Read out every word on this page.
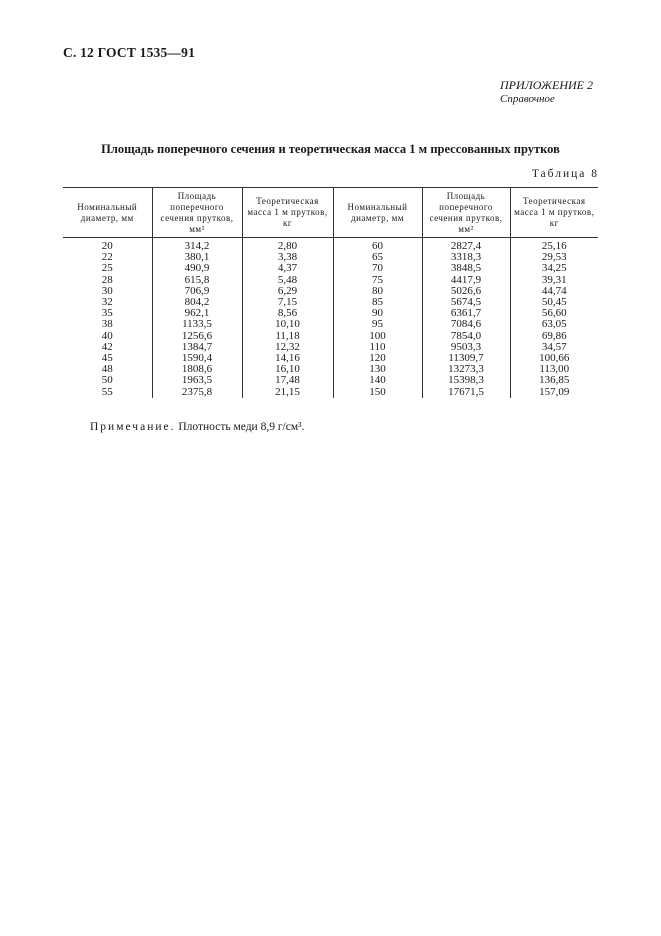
С. 12 ГОСТ 1535—91
ПРИЛОЖЕНИЕ 2
Справочное
Площадь поперечного сечения и теоретическая масса 1 м прессованных прутков
Таблица 8
Номинальный диаметр, мм	Площадь поперечного сечения прутков, мм²	Теоретическая масса 1 м прутков, кг	Номинальный диаметр, мм	Площадь поперечного сечения прутков, мм²	Теоретическая масса 1 м прутков, кг
20	314,2	2,80	60	2827,4	25,16
22	380,1	3,38	65	3318,3	29,53
25	490,9	4,37	70	3848,5	34,25
28	615,8	5,48	75	4417,9	39,31
30	706,9	6,29	80	5026,6	44,74
32	804,2	7,15	85	5674,5	50,45
35	962,1	8,56	90	6361,7	56,60
38	1133,5	10,10	95	7084,6	63,05
40	1256,6	11,18	100	7854,0	69,86
42	1384,7	12,32	110	9503,3	34,57
45	1590,4	14,16	120	11309,7	100,66
48	1808,6	16,10	130	13273,3	113,00
50	1963,5	17,48	140	15398,3	136,85
55	2375,8	21,15	150	17671,5	157,09
Примечание. Плотность меди 8,9 г/см³.
